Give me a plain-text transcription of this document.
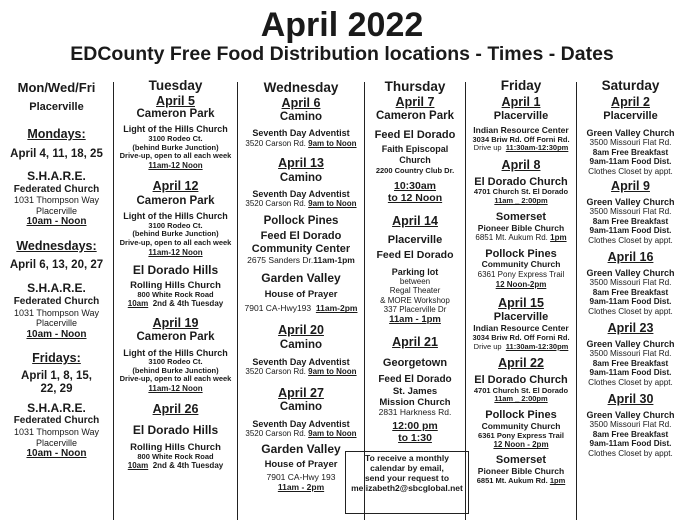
April 2022
EDCounty Free Food Distribution locations - Times - Dates
Mon/Wed/Fri
Placerville
Mondays:
April 4, 11, 18, 25
S.H.A.R.E.
Federated Church
1031 Thompson Way
Placerville
10am - Noon
Wednesdays:
April 6, 13, 20, 27
S.H.A.R.E.
Federated Church
1031 Thompson Way
Placerville
10am - Noon
Fridays:
April 1, 8, 15,
22, 29
S.H.A.R.E.
Federated Church
1031 Thompson Way
Placerville
10am - Noon
Tuesday
April 5
Cameron Park
Light of the Hills Church
3100 Rodeo Ct.
(behind Burke Junction)
Drive-up, open to all each week
11am-12 Noon
April 12
Cameron Park
Light of the Hills Church
3100 Rodeo Ct.
(behind Burke Junction)
Drive-up, open to all each week
11am-12 Noon
El Dorado Hills
Rolling Hills Church
800 White Rock Road
10am 2nd & 4th Tuesday
April 19
Cameron Park
Light of the Hills Church
3100 Rodeo Ct.
(behind Burke Junction)
Drive-up, open to all each week
11am-12 Noon
April 26
El Dorado Hills
Rolling Hills Church
800 White Rock Road
10am 2nd & 4th Tuesday
Wednesday
April 6
Camino
Seventh Day Adventist
3520 Carson Rd. 9am to Noon
April 13
Camino
Seventh Day Adventist
3520 Carson Rd. 9am to Noon
Pollock Pines
Feed El Dorado
Community Center
2675 Sanders Dr.11am-1pm
Garden Valley
House of Prayer
7901 CA-Hwy193 11am-2pm
April 20
Camino
Seventh Day Adventist
3520 Carson Rd. 9am to Noon
April 27
Camino
Seventh Day Adventist
3520 Carson Rd. 9am to Noon
Garden Valley
House of Prayer
7901 CA-Hwy 193
11am - 2pm
Thursday
April 7
Cameron Park
Feed El Dorado
Faith Episcopal
Church
2200 Country Club Dr.
10:30am
to 12 Noon
April 14
Placerville
Feed El Dorado
Parking lot
between
Regal Theater
& MORE Workshop
337 Placerville Dr
11am - 1pm
April 21
Georgetown
Feed El Dorado
St. James
Mission Church
2831 Harkness Rd.
12:00 pm
to 1:30
To receive a monthly
calendar by email,
send your request to
melizabeth2@sbcglobal.net
Friday
April 1
Placerville
Indian Resource Center
3034 Briw Rd. Off Forni Rd.
Drive up 11:30am-12:30pm
April 8
El Dorado Church
4701 Church St. El Dorado
11am _ 2:00pm
Somerset
Pioneer Bible Church
6851 Mt. Aukum Rd. 1pm
Pollock Pines
Community Church
6361 Pony Express Trail
12 Noon-2pm
April 15
Placerville
Indian Resource Center
3034 Briw Rd. Off Forni Rd.
Drive up 11:30am-12:30pm
April 22
El Dorado Church
4701 Church St. El Dorado
11am _ 2:00pm
Pollock Pines
Community Church
6361 Pony Express Trail
12 Noon - 2pm
Somerset
Pioneer Bible Church
6851 Mt. Aukum Rd. 1pm
Saturday
April 2
Placerville
Green Valley Church
3500 Missouri Flat Rd.
8am Free Breakfast
9am-11am Food Dist.
Clothes Closet by appt.
April 9
Green Valley Church
3500 Missouri Flat Rd.
8am Free Breakfast
9am-11am Food Dist.
Clothes Closet by appt.
April 16
Green Valley Church
3500 Missouri Flat Rd.
8am Free Breakfast
9am-11am Food Dist.
Clothes Closet by appt.
April 23
Green Valley Church
3500 Missouri Flat Rd.
8am Free Breakfast
9am-11am Food Dist.
Clothes Closet by appt.
April 30
Green Valley Church
3500 Missouri Flat Rd.
8am Free Breakfast
9am-11am Food Dist.
Clothes Closet by appt.
